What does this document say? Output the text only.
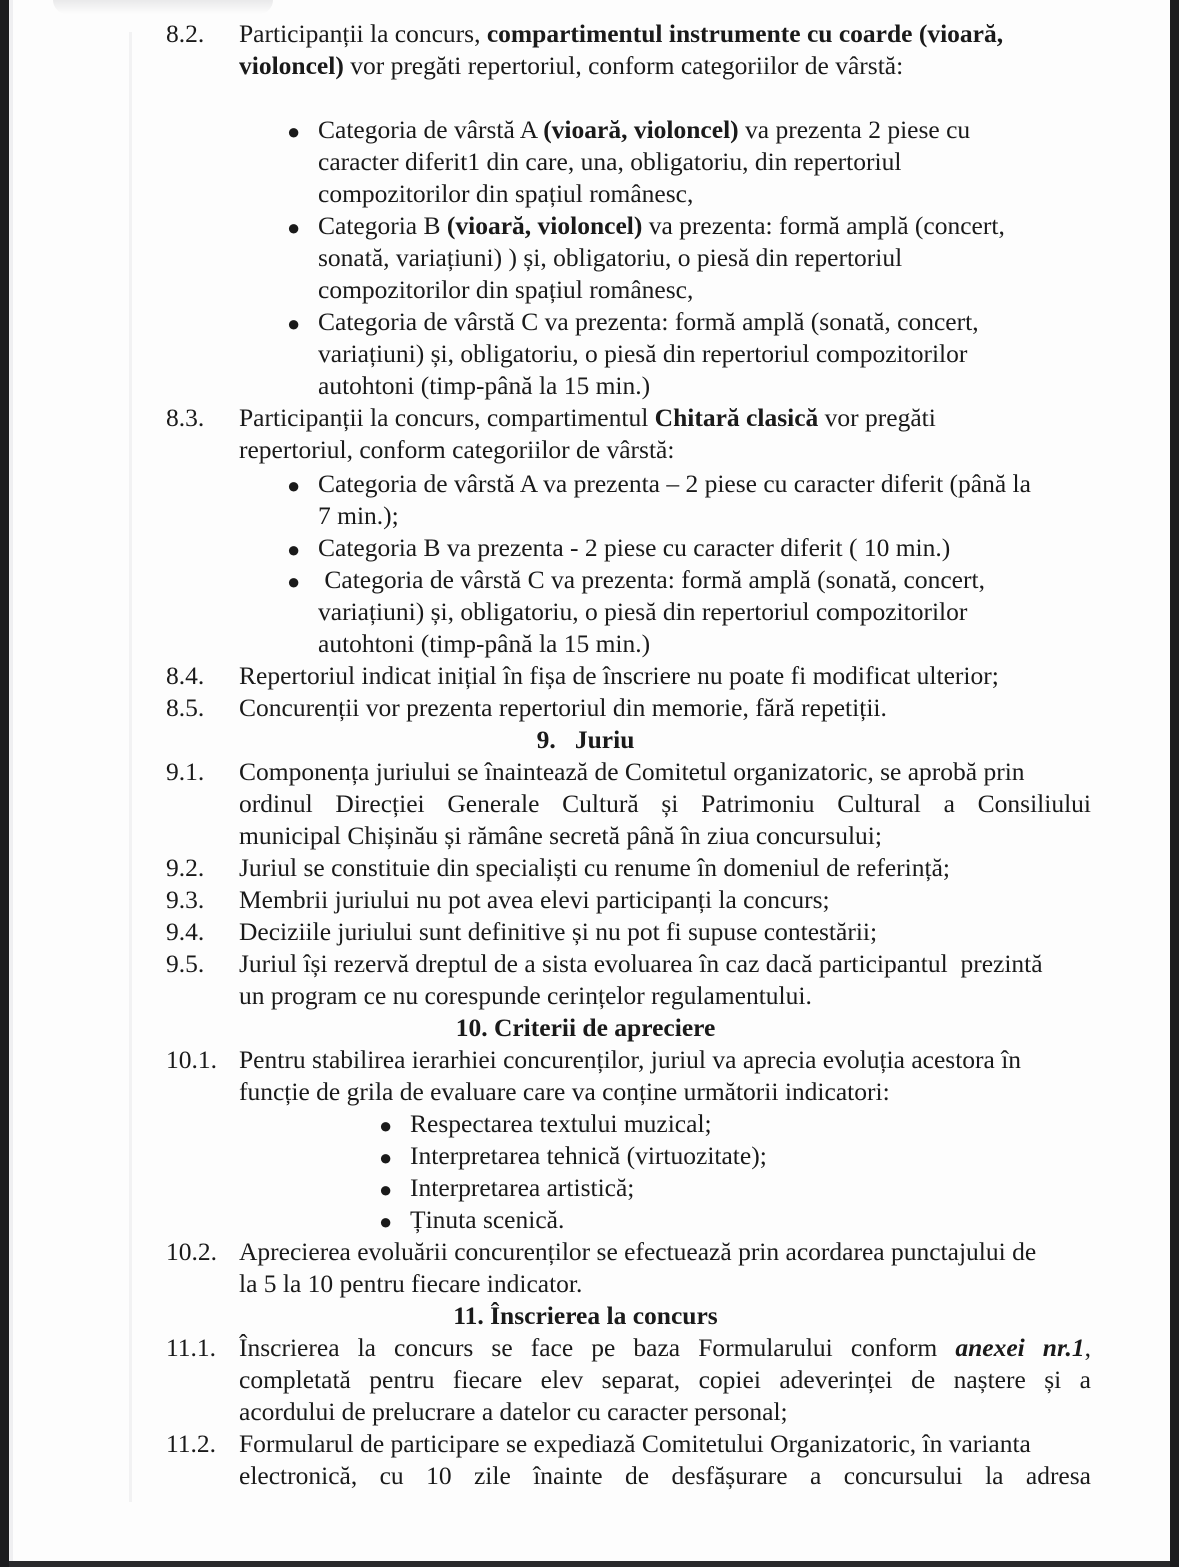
8.2. Participanții la concurs, compartimentul instrumente cu coarde (vioară,
violoncel) vor pregăti repertoriul, conform categoriilor de vârstă:
● Categoria de vârstă A (vioară, violoncel) va prezenta 2 piese cu
caracter diferit1 din care, una, obligatoriu, din repertoriul
compozitorilor din spațiul românesc,
● Categoria B (vioară, violoncel) va prezenta: formă amplă (concert,
sonată, variațiuni) ) și, obligatoriu, o piesă din repertoriul
compozitorilor din spațiul românesc,
● Categoria de vârstă C va prezenta: formă amplă (sonată, concert,
variațiuni) și, obligatoriu, o piesă din repertoriul compozitorilor
autohtoni (timp-până la 15 min.)
8.3. Participanții la concurs, compartimentul Chitară clasică vor pregăti
repertoriul, conform categoriilor de vârstă:
● Categoria de vârstă A va prezenta – 2 piese cu caracter diferit (până la
7 min.);
● Categoria B va prezenta - 2 piese cu caracter diferit ( 10 min.)
● Categoria de vârstă C va prezenta: formă amplă (sonată, concert,
variațiuni) și, obligatoriu, o piesă din repertoriul compozitorilor
autohtoni (timp-până la 15 min.)
8.4. Repertoriul indicat inițial în fișa de înscriere nu poate fi modificat ulterior;
8.5. Concurenții vor prezenta repertoriul din memorie, fără repetiții.
9.   Juriu
9.1. Componența juriului se înaintează de Comitetul organizatoric, se aprobă prin
ordinul Direcției Generale Cultură și Patrimoniu Cultural a Consiliului
municipal Chișinău și rămâne secretă până în ziua concursului;
9.2. Juriul se constituie din specialiști cu renume în domeniul de referință;
9.3. Membrii juriului nu pot avea elevi participanți la concurs;
9.4. Deciziile juriului sunt definitive și nu pot fi supuse contestării;
9.5. Juriul își rezervă dreptul de a sista evoluarea în caz dacă participantul  prezintă
un program ce nu corespunde cerințelor regulamentului.
10. Criterii de apreciere
10.1. Pentru stabilirea ierarhiei concurenților, juriul va aprecia evoluția acestora în
funcție de grila de evaluare care va conține următorii indicatori:
● Respectarea textului muzical;
● Interpretarea tehnică (virtuozitate);
● Interpretarea artistică;
● Ținuta scenică.
10.2. Aprecierea evoluării concurenților se efectuează prin acordarea punctajului de
la 5 la 10 pentru fiecare indicator.
11. Înscrierea la concurs
11.1. Înscrierea la concurs se face pe baza Formularului conform anexei nr.1,
completată pentru fiecare elev separat, copiei adeverinței de naștere și a
acordului de prelucrare a datelor cu caracter personal;
11.2. Formularul de participare se expediază Comitetului Organizatoric, în varianta
electronică, cu 10 zile înainte de desfășurare a concursului la adresa
